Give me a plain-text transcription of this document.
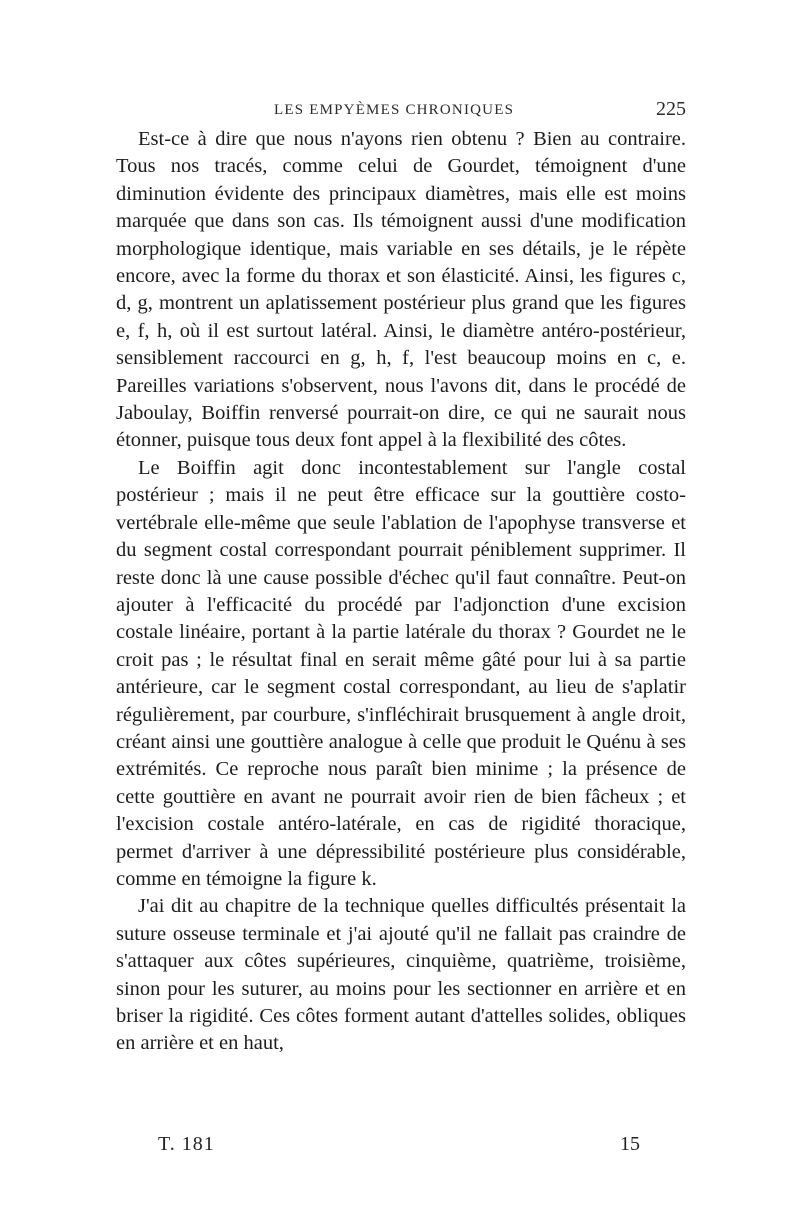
LES EMPYÈMES CHRONIQUES	225

Est-ce à dire que nous n'ayons rien obtenu ? Bien au contraire. Tous nos tracés, comme celui de Gourdet, témoignent d'une diminution évidente des principaux diamètres, mais elle est moins marquée que dans son cas. Ils témoignent aussi d'une modification morphologique identique, mais variable en ses détails, je le répète encore, avec la forme du thorax et son élasticité. Ainsi, les figures c, d, g, montrent un aplatissement postérieur plus grand que les figures e, f, h, où il est surtout latéral. Ainsi, le diamètre antéro-postérieur, sensiblement raccourci en g, h, f, l'est beaucoup moins en c, e. Pareilles variations s'observent, nous l'avons dit, dans le procédé de Jaboulay, Boiffin renversé pourrait-on dire, ce qui ne saurait nous étonner, puisque tous deux font appel à la flexibilité des côtes.

Le Boiffin agit donc incontestablement sur l'angle costal postérieur ; mais il ne peut être efficace sur la gouttière costo-vertébrale elle-même que seule l'ablation de l'apophyse transverse et du segment costal correspondant pourrait péniblement supprimer. Il reste donc là une cause possible d'échec qu'il faut connaître. Peut-on ajouter à l'efficacité du procédé par l'adjonction d'une excision costale linéaire, portant à la partie latérale du thorax ? Gourdet ne le croit pas ; le résultat final en serait même gâté pour lui à sa partie antérieure, car le segment costal correspondant, au lieu de s'aplatir régulièrement, par courbure, s'infléchirait brusquement à angle droit, créant ainsi une gouttière analogue à celle que produit le Quénu à ses extrémités. Ce reproche nous paraît bien minime ; la présence de cette gouttière en avant ne pourrait avoir rien de bien fâcheux ; et l'excision costale antéro-latérale, en cas de rigidité thoracique, permet d'arriver à une dépressibilité postérieure plus considérable, comme en témoigne la figure k.

J'ai dit au chapitre de la technique quelles difficultés présentait la suture osseuse terminale et j'ai ajouté qu'il ne fallait pas craindre de s'attaquer aux côtes supérieures, cinquième, quatrième, troisième, sinon pour les suturer, au moins pour les sectionner en arrière et en briser la rigidité. Ces côtes forment autant d'attelles solides, obliques en arrière et en haut,

T. 181	15
